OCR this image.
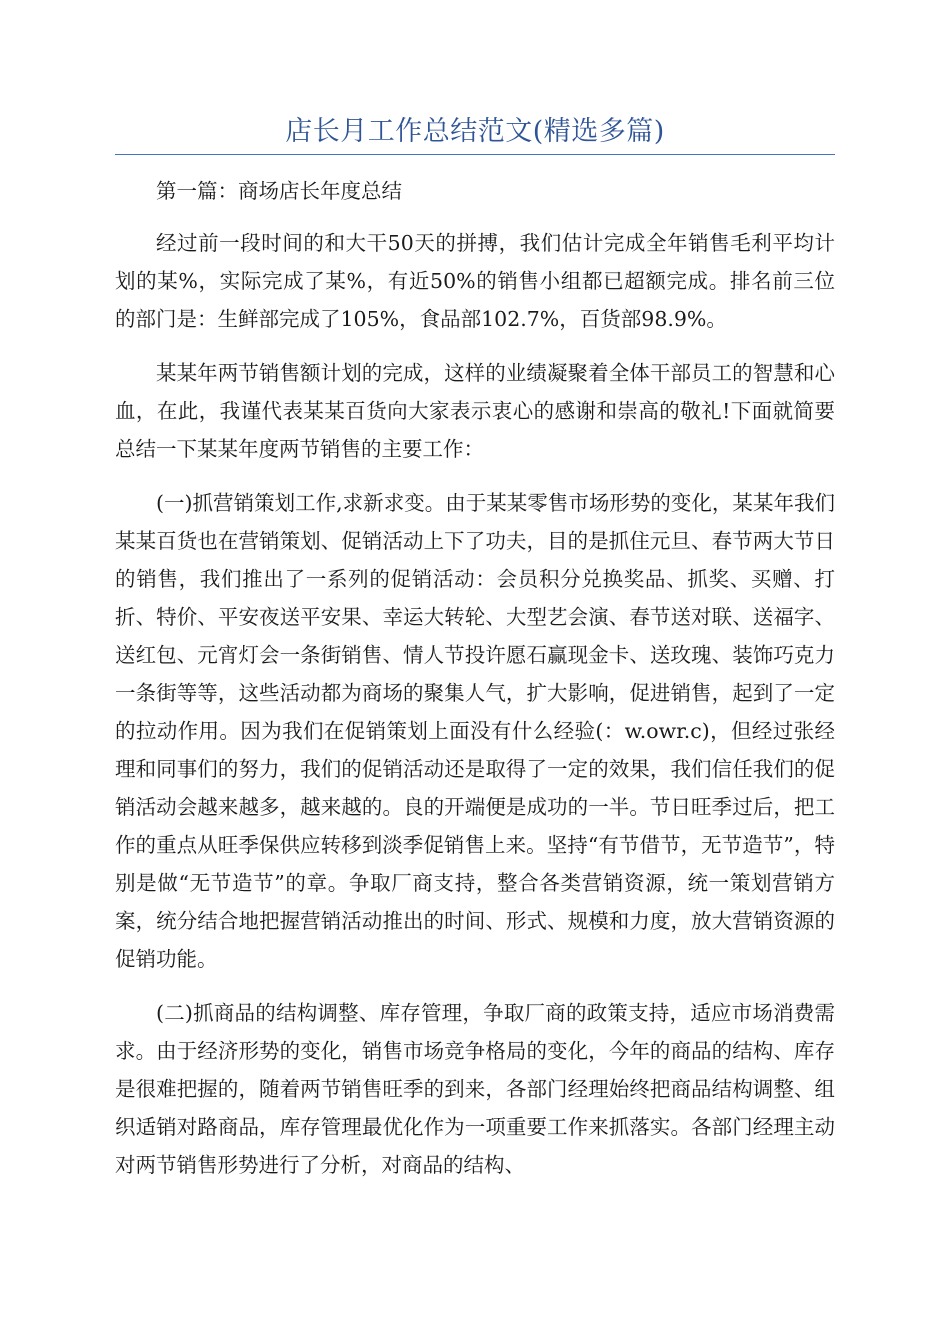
店长月工作总结范文(精选多篇)

第一篇：商场店长年度总结

经过前一段时间的和大干50天的拼搏，我们估计完成全年销售毛利平均计划的某%，实际完成了某%，有近50%的销售小组都已超额完成。排名前三位的部门是：生鲜部完成了105%，食品部102.7%，百货部98.9%。

某某年两节销售额计划的完成，这样的业绩凝聚着全体干部员工的智慧和心血，在此，我谨代表某某百货向大家表示衷心的感谢和崇高的敬礼!下面就简要总结一下某某年度两节销售的主要工作：

(一)抓营销策划工作,求新求变。由于某某零售市场形势的变化，某某年我们某某百货也在营销策划、促销活动上下了功夫，目的是抓住元旦、春节两大节日的销售，我们推出了一系列的促销活动：会员积分兑换奖品、抓奖、买赠、打折、特价、平安夜送平安果、幸运大转轮、大型艺会演、春节送对联、送福字、送红包、元宵灯会一条街销售、情人节投许愿石赢现金卡、送玫瑰、装饰巧克力一条街等等，这些活动都为商场的聚集人气，扩大影响，促进销售，起到了一定的拉动作用。因为我们在促销策划上面没有什么经验(：w.owr.c)，但经过张经理和同事们的努力，我们的促销活动还是取得了一定的效果，我们信任我们的促销活动会越来越多，越来越的。良的开端便是成功的一半。节日旺季过后，把工作的重点从旺季保供应转移到淡季促销售上来。坚持“有节借节，无节造节”，特别是做“无节造节”的章。争取厂商支持，整合各类营销资源，统一策划营销方案，统分结合地把握营销活动推出的时间、形式、规模和力度，放大营销资源的促销功能。

(二)抓商品的结构调整、库存管理，争取厂商的政策支持，适应市场消费需求。由于经济形势的变化，销售市场竞争格局的变化，今年的商品的结构、库存是很难把握的，随着两节销售旺季的到来，各部门经理始终把商品结构调整、组织适销对路商品，库存管理最优化作为一项重要工作来抓落实。各部门经理主动对两节销售形势进行了分析，对商品的结构、
